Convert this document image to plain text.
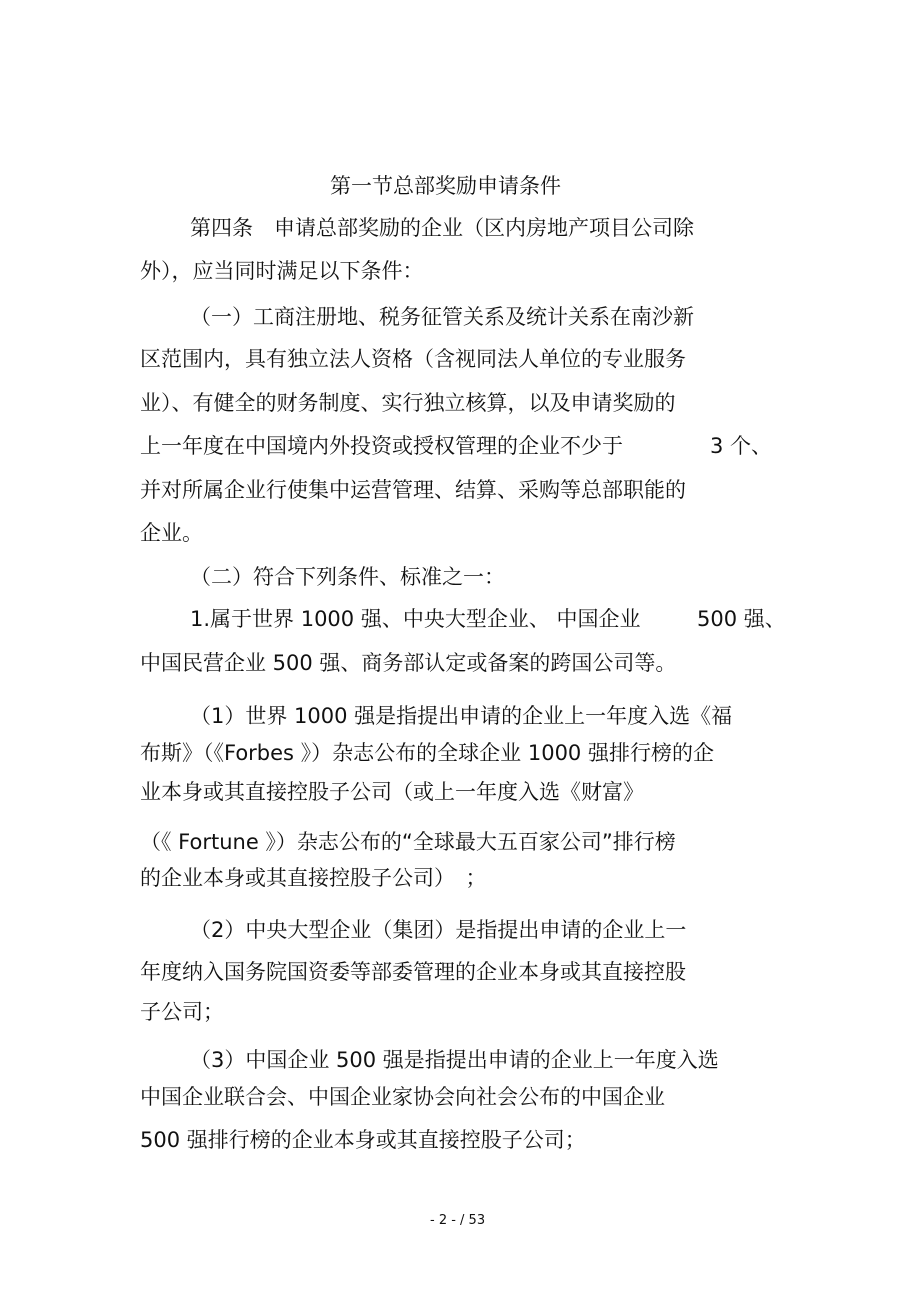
第一节总部奖励申请条件
第四条　申请总部奖励的企业（区内房地产项目公司除
外），应当同时满足以下条件：
（一）工商注册地、税务征管关系及统计关系在南沙新
区范围内，具有独立法人资格（含视同法人单位的专业服务
业）、有健全的财务制度、实行独立核算，以及申请奖励的
上一年度在中国境内外投资或授权管理的企业不少于	3 个、
并对所属企业行使集中运营管理、结算、采购等总部职能的
企业。
（二）符合下列条件、标准之一：
1.属于世界 1000 强、中央大型企业、 中国企业	500 强、
中国民营企业 500 强、商务部认定或备案的跨国公司等。
（1）世界 1000 强是指提出申请的企业上一年度入选《福
布斯》（《Forbes 》）杂志公布的全球企业 1000 强排行榜的企
业本身或其直接控股子公司（或上一年度入选《财富》
（《 Fortune 》）杂志公布的“全球最大五百家公司”排行榜
的企业本身或其直接控股子公司）　；
（2）中央大型企业（集团）是指提出申请的企业上一
年度纳入国务院国资委等部委管理的企业本身或其直接控股
子公司；
（3）中国企业 500 强是指提出申请的企业上一年度入选
中国企业联合会、中国企业家协会向社会公布的中国企业
500 强排行榜的企业本身或其直接控股子公司；
- 2 - / 53
